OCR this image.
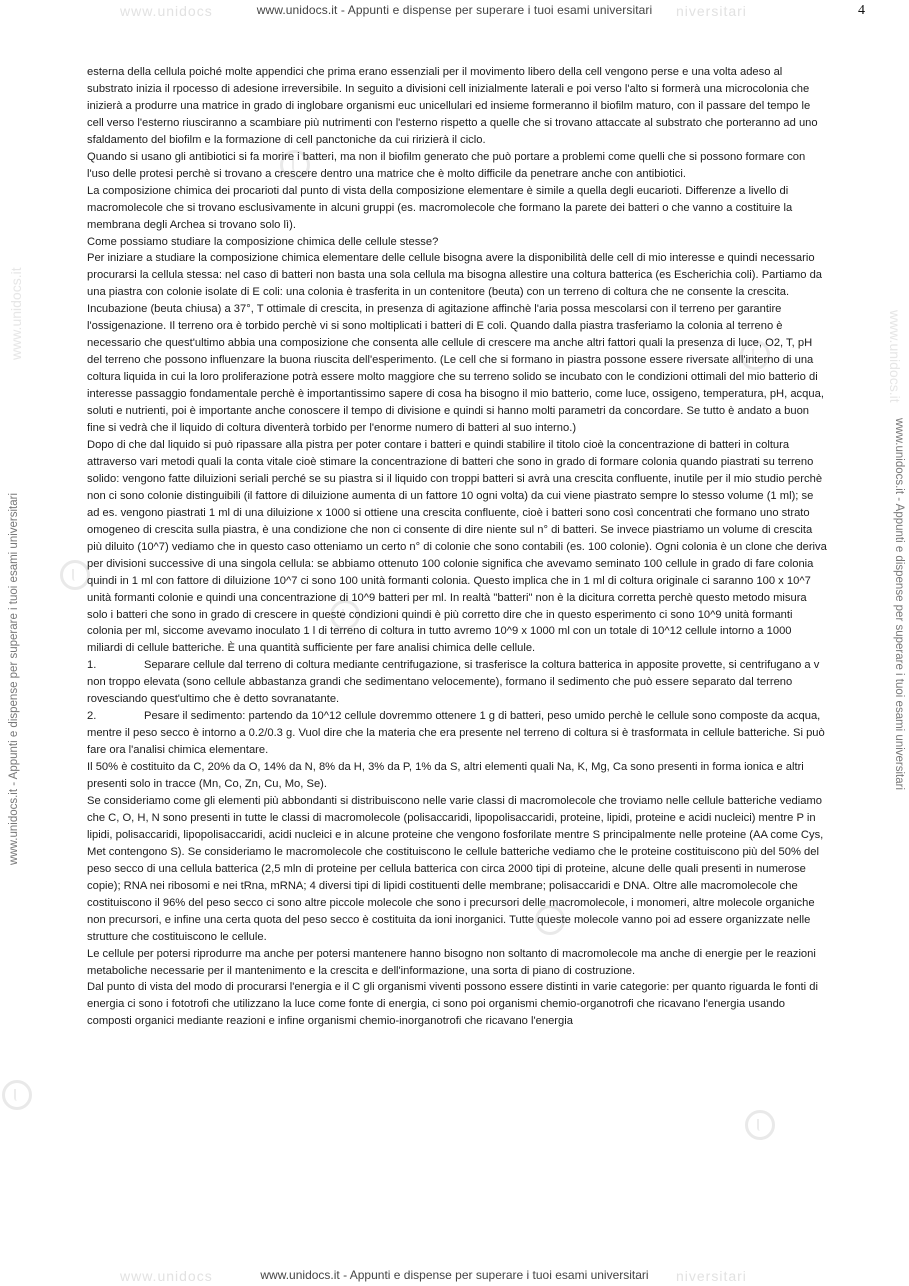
www.unidocs	niversitari
www.unidocs.it - Appunti e dispense per superare i tuoi esami universitari	4
www.unidocs.it	www.unidocs.it
www.unidocs.it - Appunti e dispense per superare i tuoi esami universitari	www.unidocs.it - Appunti e dispense per superare i tuoi esami universitari

esterna della cellula poiché molte appendici che prima erano essenziali per il movimento libero della cell vengono perse e una volta adeso al substrato inizia il rpocesso di adesione irreversibile. In seguito a divisioni cell inizialmente laterali e poi verso l'alto si formerà una microcolonia che inizierà a produrre una matrice in grado di inglobare organismi euc unicellulari ed insieme formeranno il biofilm maturo, con il passare del tempo le cell verso l'esterno riusciranno a scambiare più nutrimenti con l'esterno rispetto a quelle che si trovano attaccate al substrato che porteranno ad uno sfaldamento del biofilm e la formazione di cell panctoniche da cui ririzierà il ciclo.

Quando si usano gli antibiotici si fa morire i batteri, ma non il biofilm generato che può portare a problemi come quelli che si possono formare con l'uso delle protesi perchè si trovano a crescere dentro una matrice che è molto difficile da penetrare anche con antibiotici.

La composizione chimica dei procarioti dal punto di vista della composizione elementare è simile a quella degli eucarioti. Differenze a livello di macromolecole che si trovano esclusivamente in alcuni gruppi (es. macromolecole che formano la parete dei batteri o che vanno a costituire la membrana degli Archea si trovano solo lì).

Come possiamo studiare la composizione chimica delle cellule stesse?

Per iniziare a studiare la composizione chimica elementare delle cellule bisogna avere la disponibilità delle cell di mio interesse e quindi necessario procurarsi la cellula stessa: nel caso di batteri non basta una sola cellula ma bisogna allestire una coltura batterica (es Escherichia coli). Partiamo da una piastra con colonie isolate di E coli: una colonia è trasferita in un contenitore (beuta) con un terreno di coltura che ne consente la crescita. Incubazione (beuta chiusa) a 37°, T ottimale di crescita, in presenza di agitazione affinchè l'aria possa mescolarsi con il terreno per garantire l'ossigenazione. Il terreno ora è torbido perchè vi si sono moltiplicati i batteri di E coli. Quando dalla piastra trasferiamo la colonia al terreno è necessario che quest'ultimo abbia una composizione che consenta alle cellule di crescere ma anche altri fattori quali la presenza di luce, O2, T, pH del terreno che possono influenzare la buona riuscita dell'esperimento. (Le cell che si formano in piastra possone essere riversate all'interno di una coltura liquida in cui la loro proliferazione potrà essere molto maggiore che su terreno solido se incubato con le condizioni ottimali del mio batterio di interesse passaggio fondamentale perchè è importantissimo sapere di cosa ha bisogno il mio batterio, come luce, ossigeno, temperatura, pH, acqua, soluti e nutrienti, poi è importante anche conoscere il tempo di divisione e quindi si hanno molti parametri da concordare. Se tutto è andato a buon fine si vedrà che il liquido di coltura diventerà torbido per l'enorme numero di batteri al suo interno.)

Dopo di che dal liquido si può ripassare alla pistra per poter contare i batteri e quindi stabilire il titolo cioè la concentrazione di batteri in coltura attraverso vari metodi quali la conta vitale cioè stimare la concentrazione di batteri che sono in grado di formare colonia quando piastrati su terreno solido: vengono fatte diluizioni seriali perché se su piastra si il liquido con troppi batteri si avrà una crescita confluente, inutile per il mio studio perchè non ci sono colonie distinguibili (il fattore di diluizione aumenta di un fattore 10 ogni volta) da cui viene piastrato sempre lo stesso volume (1 ml); se ad es. vengono piastrati 1 ml di una diluizione x 1000 si ottiene una crescita confluente, cioè i batteri sono così concentrati che formano uno strato omogeneo di crescita sulla piastra, è una condizione che non ci consente di dire niente sul n° di batteri. Se invece piastriamo un volume di crescita più diluito (10^7) vediamo che in questo caso otteniamo un certo n° di colonie che sono contabili (es. 100 colonie). Ogni colonia è un clone che deriva per divisioni successive di una singola cellula: se abbiamo ottenuto 100 colonie significa che avevamo seminato 100 cellule in grado di fare colonia quindi in 1 ml con fattore di diluizione 10^7 ci sono 100 unità formanti colonia. Questo implica che in 1 ml di coltura originale ci saranno 100 x 10^7 unità formanti colonie e quindi una concentrazione di 10^9 batteri per ml. In realtà "batteri" non è la dicitura corretta perchè questo metodo misura solo i batteri che sono in grado di crescere in queste condizioni quindi è più corretto dire che in questo esperimento ci sono 10^9 unità formanti colonia per ml, siccome avevamo inoculato 1 l di terreno di coltura in tutto avremo 10^9 x 1000 ml con un totale di 10^12 cellule intorno a 1000 miliardi di cellule batteriche. È una quantità sufficiente per fare analisi chimica delle cellule.

1.	Separare cellule dal terreno di coltura mediante centrifugazione, si trasferisce la coltura batterica in apposite provette, si centrifugano a v non troppo elevata (sono cellule abbastanza grandi che sedimentano velocemente), formano il sedimento che può essere separato dal terreno rovesciando quest'ultimo che è detto sovranatante.

2.	Pesare il sedimento: partendo da 10^12 cellule dovremmo ottenere 1 g di batteri, peso umido perchè le cellule sono composte da acqua, mentre il peso secco è intorno a 0.2/0.3 g. Vuol dire che la materia che era presente nel terreno di coltura si è trasformata in cellule batteriche. Si può fare ora l'analisi chimica elementare.

Il 50% è costituito da C, 20% da O, 14% da N, 8% da H, 3% da P, 1% da S, altri elementi quali Na, K, Mg, Ca sono presenti in forma ionica e altri presenti solo in tracce (Mn, Co, Zn, Cu, Mo, Se).

Se consideriamo come gli elementi più abbondanti si distribuiscono nelle varie classi di macromolecole che troviamo nelle cellule batteriche vediamo che C, O, H, N sono presenti in tutte le classi di macromolecole (polisaccaridi, lipopolisaccaridi, proteine, lipidi, proteine e acidi nucleici) mentre P in lipidi, polisaccaridi, lipopolisaccaridi, acidi nucleici e in alcune proteine che vengono fosforilate mentre S principalmente nelle proteine (AA come Cys, Met contengono S). Se consideriamo le macromolecole che costituiscono le cellule batteriche vediamo che le proteine costituiscono più del 50% del peso secco di una cellula batterica (2,5 mln di proteine per cellula batterica con circa 2000 tipi di proteine, alcune delle quali presenti in numerose copie); RNA nei ribosomi e nei tRna, mRNA; 4 diversi tipi di lipidi costituenti delle membrane; polisaccaridi e DNA. Oltre alle macromolecole che costituiscono il 96% del peso secco ci sono altre piccole molecole che sono i precursori delle macromolecole, i monomeri, altre molecole organiche non precursori, e infine una certa quota del peso secco è costituita da ioni inorganici. Tutte queste molecole vanno poi ad essere organizzate nelle strutture che costituiscono le cellule.

Le cellule per potersi riprodurre ma anche per potersi mantenere hanno bisogno non soltanto di macromolecole ma anche di energie per le reazioni metaboliche necessarie per il mantenimento e la crescita e dell'informazione, una sorta di piano di costruzione.

Dal punto di vista del modo di procurarsi l'energia e il C gli organismi viventi possono essere distinti in varie categorie: per quanto riguarda le fonti di energia ci sono i fototrofi che utilizzano la luce come fonte di energia, ci sono poi organismi chemio-organotrofi che ricavano l'energia usando composti organici mediante reazioni e infine organismi chemio-inorganotrofi che ricavano l'energia

www.unidocs	niversitari
www.unidocs.it - Appunti e dispense per superare i tuoi esami universitari
